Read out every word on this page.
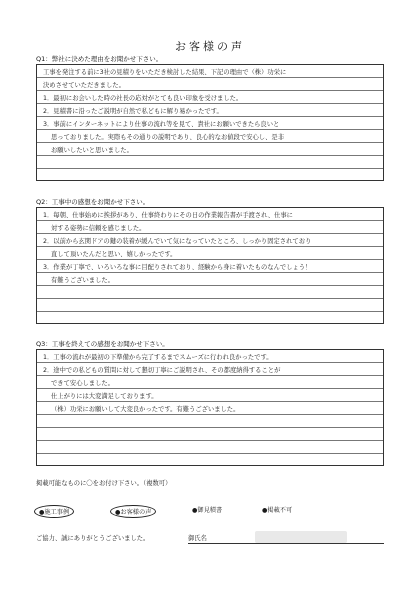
お客様の声
Q1：弊社に決めた理由をお聞かせ下さい。
工事を発注する前に3社の見積りをいただき検討した結果、下記の理由で（株）功栄に
決めさせていただきました。
1．最初にお会いした時の社長の応対がとても良い印象を受けました。
2．見積書に沿ったご説明が自然で私どもに解り易かったです。
3．事前にインターネットにより仕事の流れ等を見て、貴社にお願いできたら良いと
思っておりました。実際もその通りの説明であり、良心的なお値段で安心し、是非
お願いしたいと思いました。
Q2：工事中の感想をお聞かせ下さい。
1．毎朝、仕事始めに挨拶があり、仕事終わりにその日の作業報告書が手渡され、仕事に
対する姿勢に信頼を感じました。
2．以前から玄関ドアの鍵の装着が緩んでいて気になっていたところ、しっかり固定されており
直して頂いたんだと思い、嬉しかったです。
3．作業が丁寧で、いろいろな事に目配りされており、経験から身に着いたものなんでしょう！
有難うございました。
Q3：工事を終えての感想をお聞かせ下さい。
1．工事の流れが最初の下準備から完了するまでスムーズに行われ良かったです。
2．途中での私どもの質問に対して懇切丁寧にご説明され、その都度納得することが
できて安心しました。
仕上がりには大変満足しております。
（株）功栄にお願いして大変良かったです。有難うございました。
掲載可能なものに〇をお付け下さい。（複数可）
●施工事例	●お客様の声	●御見積書	●掲載不可
ご協力、誠にありがとうございました。	御氏名
